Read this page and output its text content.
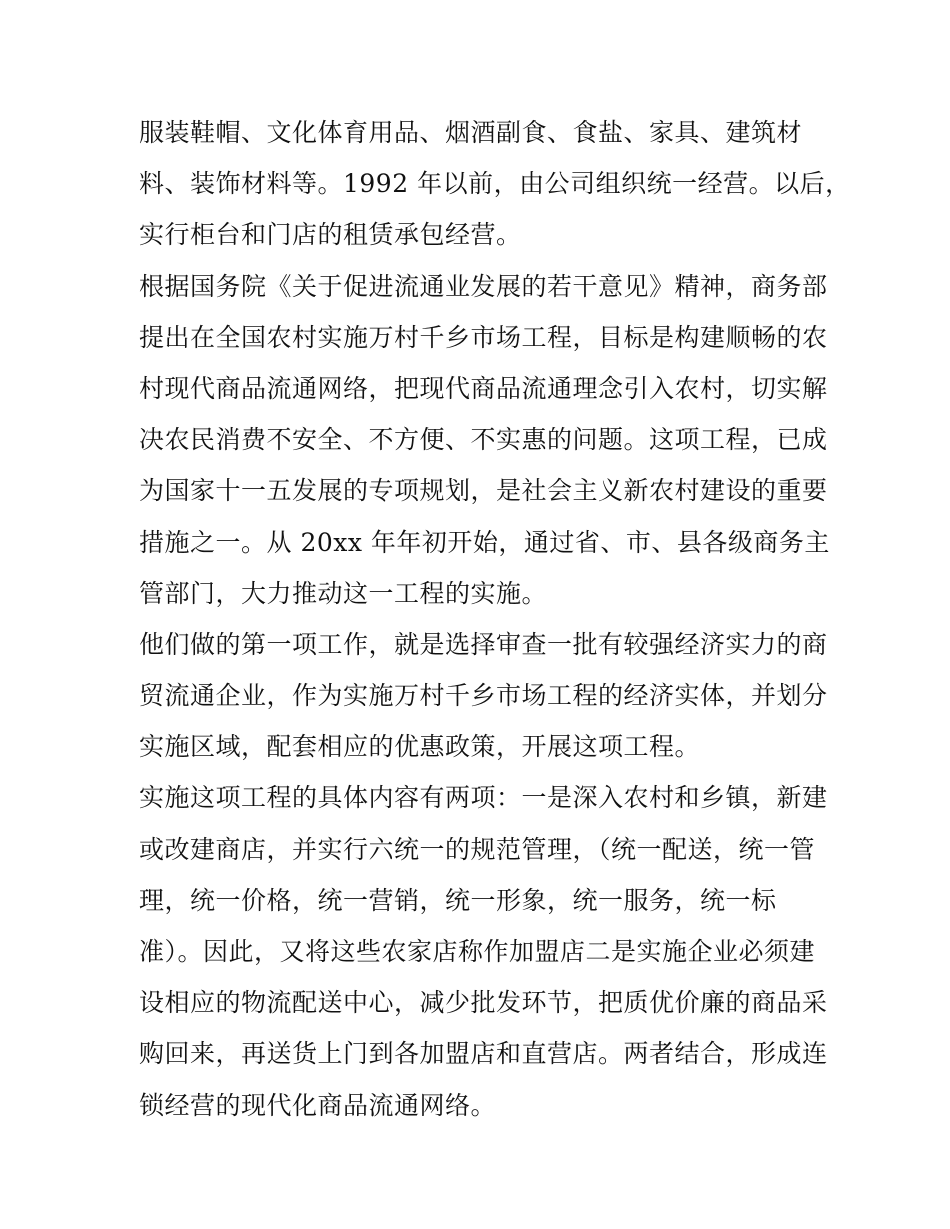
服装鞋帽、文化体育用品、烟酒副食、食盐、家具、建筑材

料、装饰材料等。1992 年以前，由公司组织统一经营。以后，

实行柜台和门店的租赁承包经营。

根据国务院《关于促进流通业发展的若干意见》精神，商务部

提出在全国农村实施万村千乡市场工程，目标是构建顺畅的农

村现代商品流通网络，把现代商品流通理念引入农村，切实解

决农民消费不安全、不方便、不实惠的问题。这项工程，已成

为国家十一五发展的专项规划，是社会主义新农村建设的重要

措施之一。从 20xx 年年初开始，通过省、市、县各级商务主

管部门，大力推动这一工程的实施。

他们做的第一项工作，就是选择审查一批有较强经济实力的商

贸流通企业，作为实施万村千乡市场工程的经济实体，并划分

实施区域，配套相应的优惠政策，开展这项工程。

实施这项工程的具体内容有两项：一是深入农村和乡镇，新建

或改建商店，并实行六统一的规范管理，（统一配送，统一管

理，统一价格，统一营销，统一形象，统一服务，统一标

准）。因此，又将这些农家店称作加盟店二是实施企业必须建

设相应的物流配送中心，减少批发环节，把质优价廉的商品采

购回来，再送货上门到各加盟店和直营店。两者结合，形成连

锁经营的现代化商品流通网络。
